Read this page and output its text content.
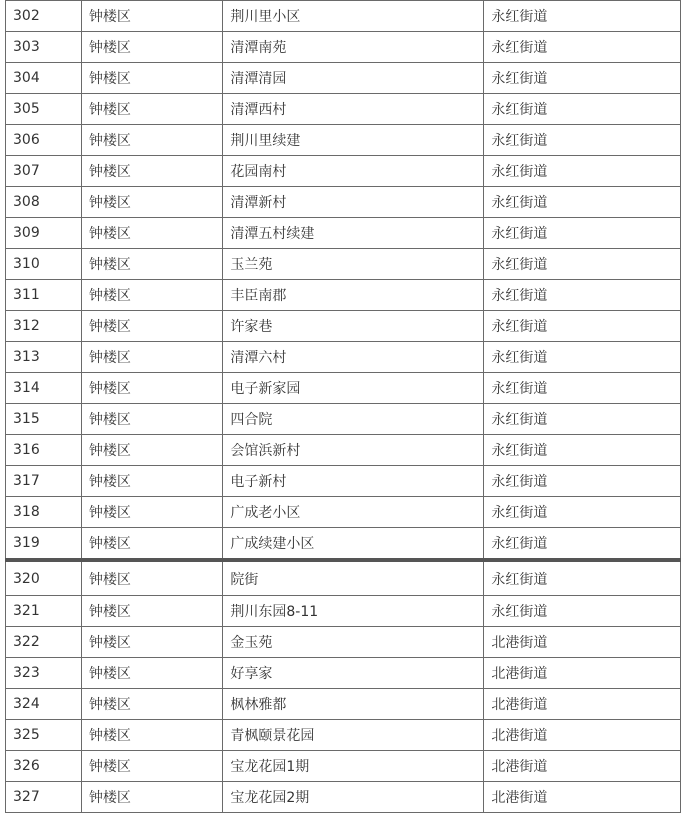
302	钟楼区	荆川里小区	永红街道
303	钟楼区	清潭南苑	永红街道
304	钟楼区	清潭清园	永红街道
305	钟楼区	清潭西村	永红街道
306	钟楼区	荆川里续建	永红街道
307	钟楼区	花园南村	永红街道
308	钟楼区	清潭新村	永红街道
309	钟楼区	清潭五村续建	永红街道
310	钟楼区	玉兰苑	永红街道
311	钟楼区	丰臣南郡	永红街道
312	钟楼区	许家巷	永红街道
313	钟楼区	清潭六村	永红街道
314	钟楼区	电子新家园	永红街道
315	钟楼区	四合院	永红街道
316	钟楼区	会馆浜新村	永红街道
317	钟楼区	电子新村	永红街道
318	钟楼区	广成老小区	永红街道
319	钟楼区	广成续建小区	永红街道
320	钟楼区	院街	永红街道
321	钟楼区	荆川东园8-11	永红街道
322	钟楼区	金玉苑	北港街道
323	钟楼区	好享家	北港街道
324	钟楼区	枫林雅都	北港街道
325	钟楼区	青枫颐景花园	北港街道
326	钟楼区	宝龙花园1期	北港街道
327	钟楼区	宝龙花园2期	北港街道
